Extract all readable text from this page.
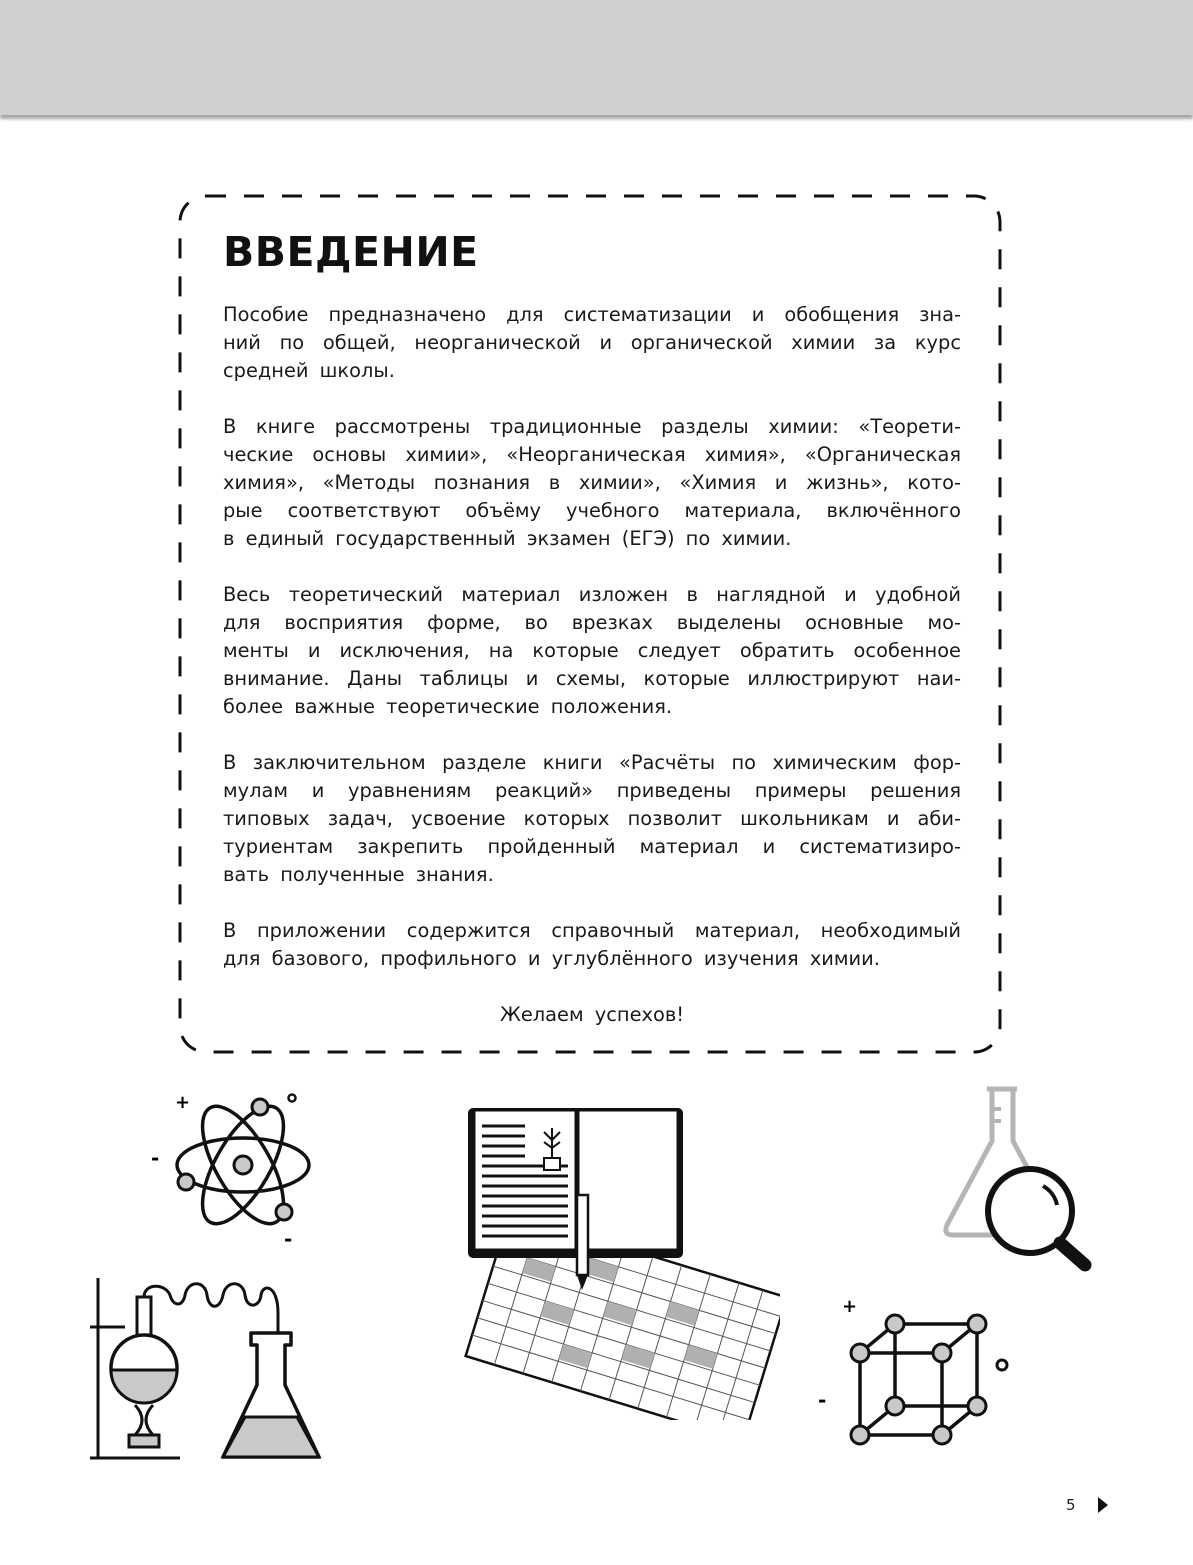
ВВЕДЕНИЕ
Пособие предназначено для систематизации и обобщения зна-
ний по общей, неорганической и органической химии за курс
средней школы.
В книге рассмотрены традиционные разделы химии: «Теорети-
ческие основы химии», «Неорганическая химия», «Органическая
химия», «Методы познания в химии», «Химия и жизнь», кото-
рые соответствуют объёму учебного материала, включённого
в единый государственный экзамен (ЕГЭ) по химии.
Весь теоретический материал изложен в наглядной и удобной
для восприятия форме, во врезках выделены основные мо-
менты и исключения, на которые следует обратить особенное
внимание. Даны таблицы и схемы, которые иллюстрируют наи-
более важные теоретические положения.
В заключительном разделе книги «Расчёты по химическим фор-
мулам и уравнениям реакций» приведены примеры решения
типовых задач, усвоение которых позволит школьникам и аби-
туриентам закрепить пройденный материал и систематизиро-
вать полученные знания.
В приложении содержится справочный материал, необходимый
для базового, профильного и углублённого изучения химии.
Желаем успехов!
+
-
-
+
-
5
